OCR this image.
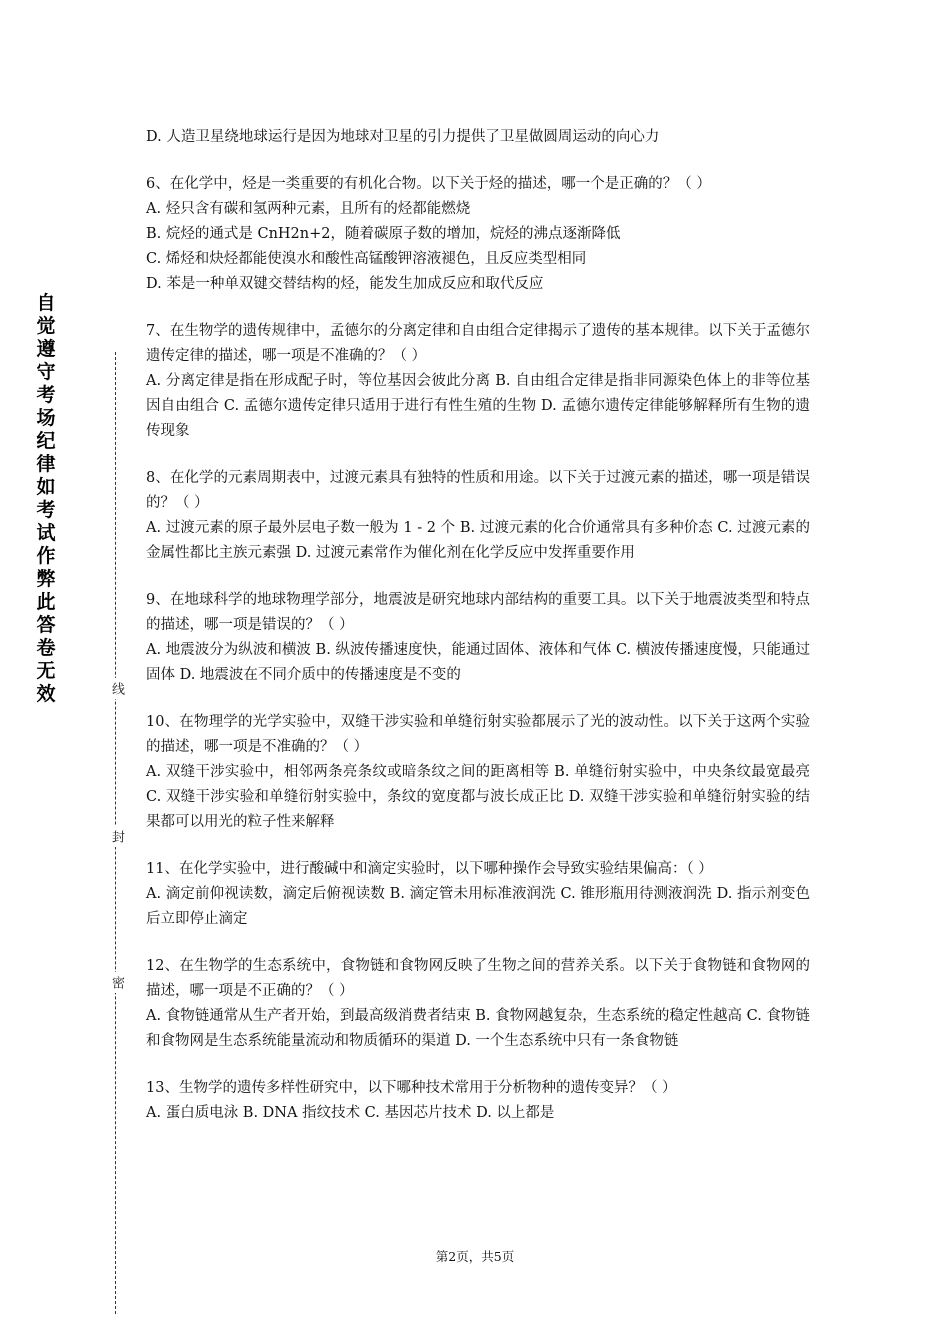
自觉遵守考场纪律如考试作弊此答卷无效	线
封
密

D. 人造卫星绕地球运行是因为地球对卫星的引力提供了卫星做圆周运动的向心力

6、在化学中，烃是一类重要的有机化合物。以下关于烃的描述，哪一个是正确的？（ ）

A. 烃只含有碳和氢两种元素，且所有的烃都能燃烧

B. 烷烃的通式是 CnH2n+2，随着碳原子数的增加，烷烃的沸点逐渐降低

C. 烯烃和炔烃都能使溴水和酸性高锰酸钾溶液褪色，且反应类型相同

D. 苯是一种单双键交替结构的烃，能发生加成反应和取代反应

7、在生物学的遗传规律中，孟德尔的分离定律和自由组合定律揭示了遗传的基本规律。以下关于孟德尔遗传定律的描述，哪一项是不准确的？（ ）

A. 分离定律是指在形成配子时，等位基因会彼此分离 B. 自由组合定律是指非同源染色体上的非等位基因自由组合 C. 孟德尔遗传定律只适用于进行有性生殖的生物 D. 孟德尔遗传定律能够解释所有生物的遗传现象

8、在化学的元素周期表中，过渡元素具有独特的性质和用途。以下关于过渡元素的描述，哪一项是错误的？（ ）

A. 过渡元素的原子最外层电子数一般为 1 - 2 个 B. 过渡元素的化合价通常具有多种价态 C. 过渡元素的金属性都比主族元素强 D. 过渡元素常作为催化剂在化学反应中发挥重要作用

9、在地球科学的地球物理学部分，地震波是研究地球内部结构的重要工具。以下关于地震波类型和特点的描述，哪一项是错误的？（ ）

A. 地震波分为纵波和横波 B. 纵波传播速度快，能通过固体、液体和气体 C. 横波传播速度慢，只能通过固体 D. 地震波在不同介质中的传播速度是不变的

10、在物理学的光学实验中，双缝干涉实验和单缝衍射实验都展示了光的波动性。以下关于这两个实验的描述，哪一项是不准确的？（ ）

A. 双缝干涉实验中，相邻两条亮条纹或暗条纹之间的距离相等 B. 单缝衍射实验中，中央条纹最宽最亮 C. 双缝干涉实验和单缝衍射实验中，条纹的宽度都与波长成正比 D. 双缝干涉实验和单缝衍射实验的结果都可以用光的粒子性来解释

11、在化学实验中，进行酸碱中和滴定实验时，以下哪种操作会导致实验结果偏高：（ ）

A. 滴定前仰视读数，滴定后俯视读数 B. 滴定管未用标准液润洗 C. 锥形瓶用待测液润洗 D. 指示剂变色后立即停止滴定

12、在生物学的生态系统中，食物链和食物网反映了生物之间的营养关系。以下关于食物链和食物网的描述，哪一项是不正确的？（ ）

A. 食物链通常从生产者开始，到最高级消费者结束 B. 食物网越复杂，生态系统的稳定性越高 C. 食物链和食物网是生态系统能量流动和物质循环的渠道 D. 一个生态系统中只有一条食物链

13、生物学的遗传多样性研究中，以下哪种技术常用于分析物种的遗传变异？（ ）

A. 蛋白质电泳 B. DNA 指纹技术 C. 基因芯片技术 D. 以上都是

第2页，共5页
